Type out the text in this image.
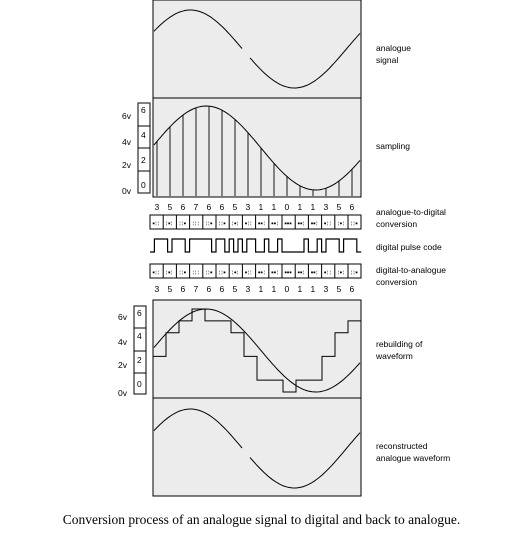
analogue
signal
6
4
2
0
6v
4v
2v
0v
sampling
3 5 6 7 6 6 5 3 1 1 0 1 1 3 5 6
▪¦¦ ¦▪¦ ¦¦▪ ¦¦¦ ¦¦▪ ¦¦▪ ¦▪¦ ▪¦¦ ▪▪¦ ▪▪¦ ▪▪▪ ▪▪¦ ▪▪¦ ▪¦¦ ¦▪¦ ¦¦▪
analogue-to-digital
conversion
digital pulse code
▪¦¦ ¦▪¦ ¦¦▪ ¦¦¦ ¦¦▪ ¦¦▪ ¦▪¦ ▪¦¦ ▪▪¦ ▪▪¦ ▪▪▪ ▪▪¦ ▪▪¦ ▪¦¦ ¦▪¦ ¦¦▪ digital-to-analogue
conversion
3 5 6 7 6 6 5 3 1 1 0 1 1 3 5 6
6
4
2
0
6v
4v
2v
0v
rebuilding of
waveform
reconstructed
analogue waveform
Conversion process of an analogue signal to digital and back to analogue.
